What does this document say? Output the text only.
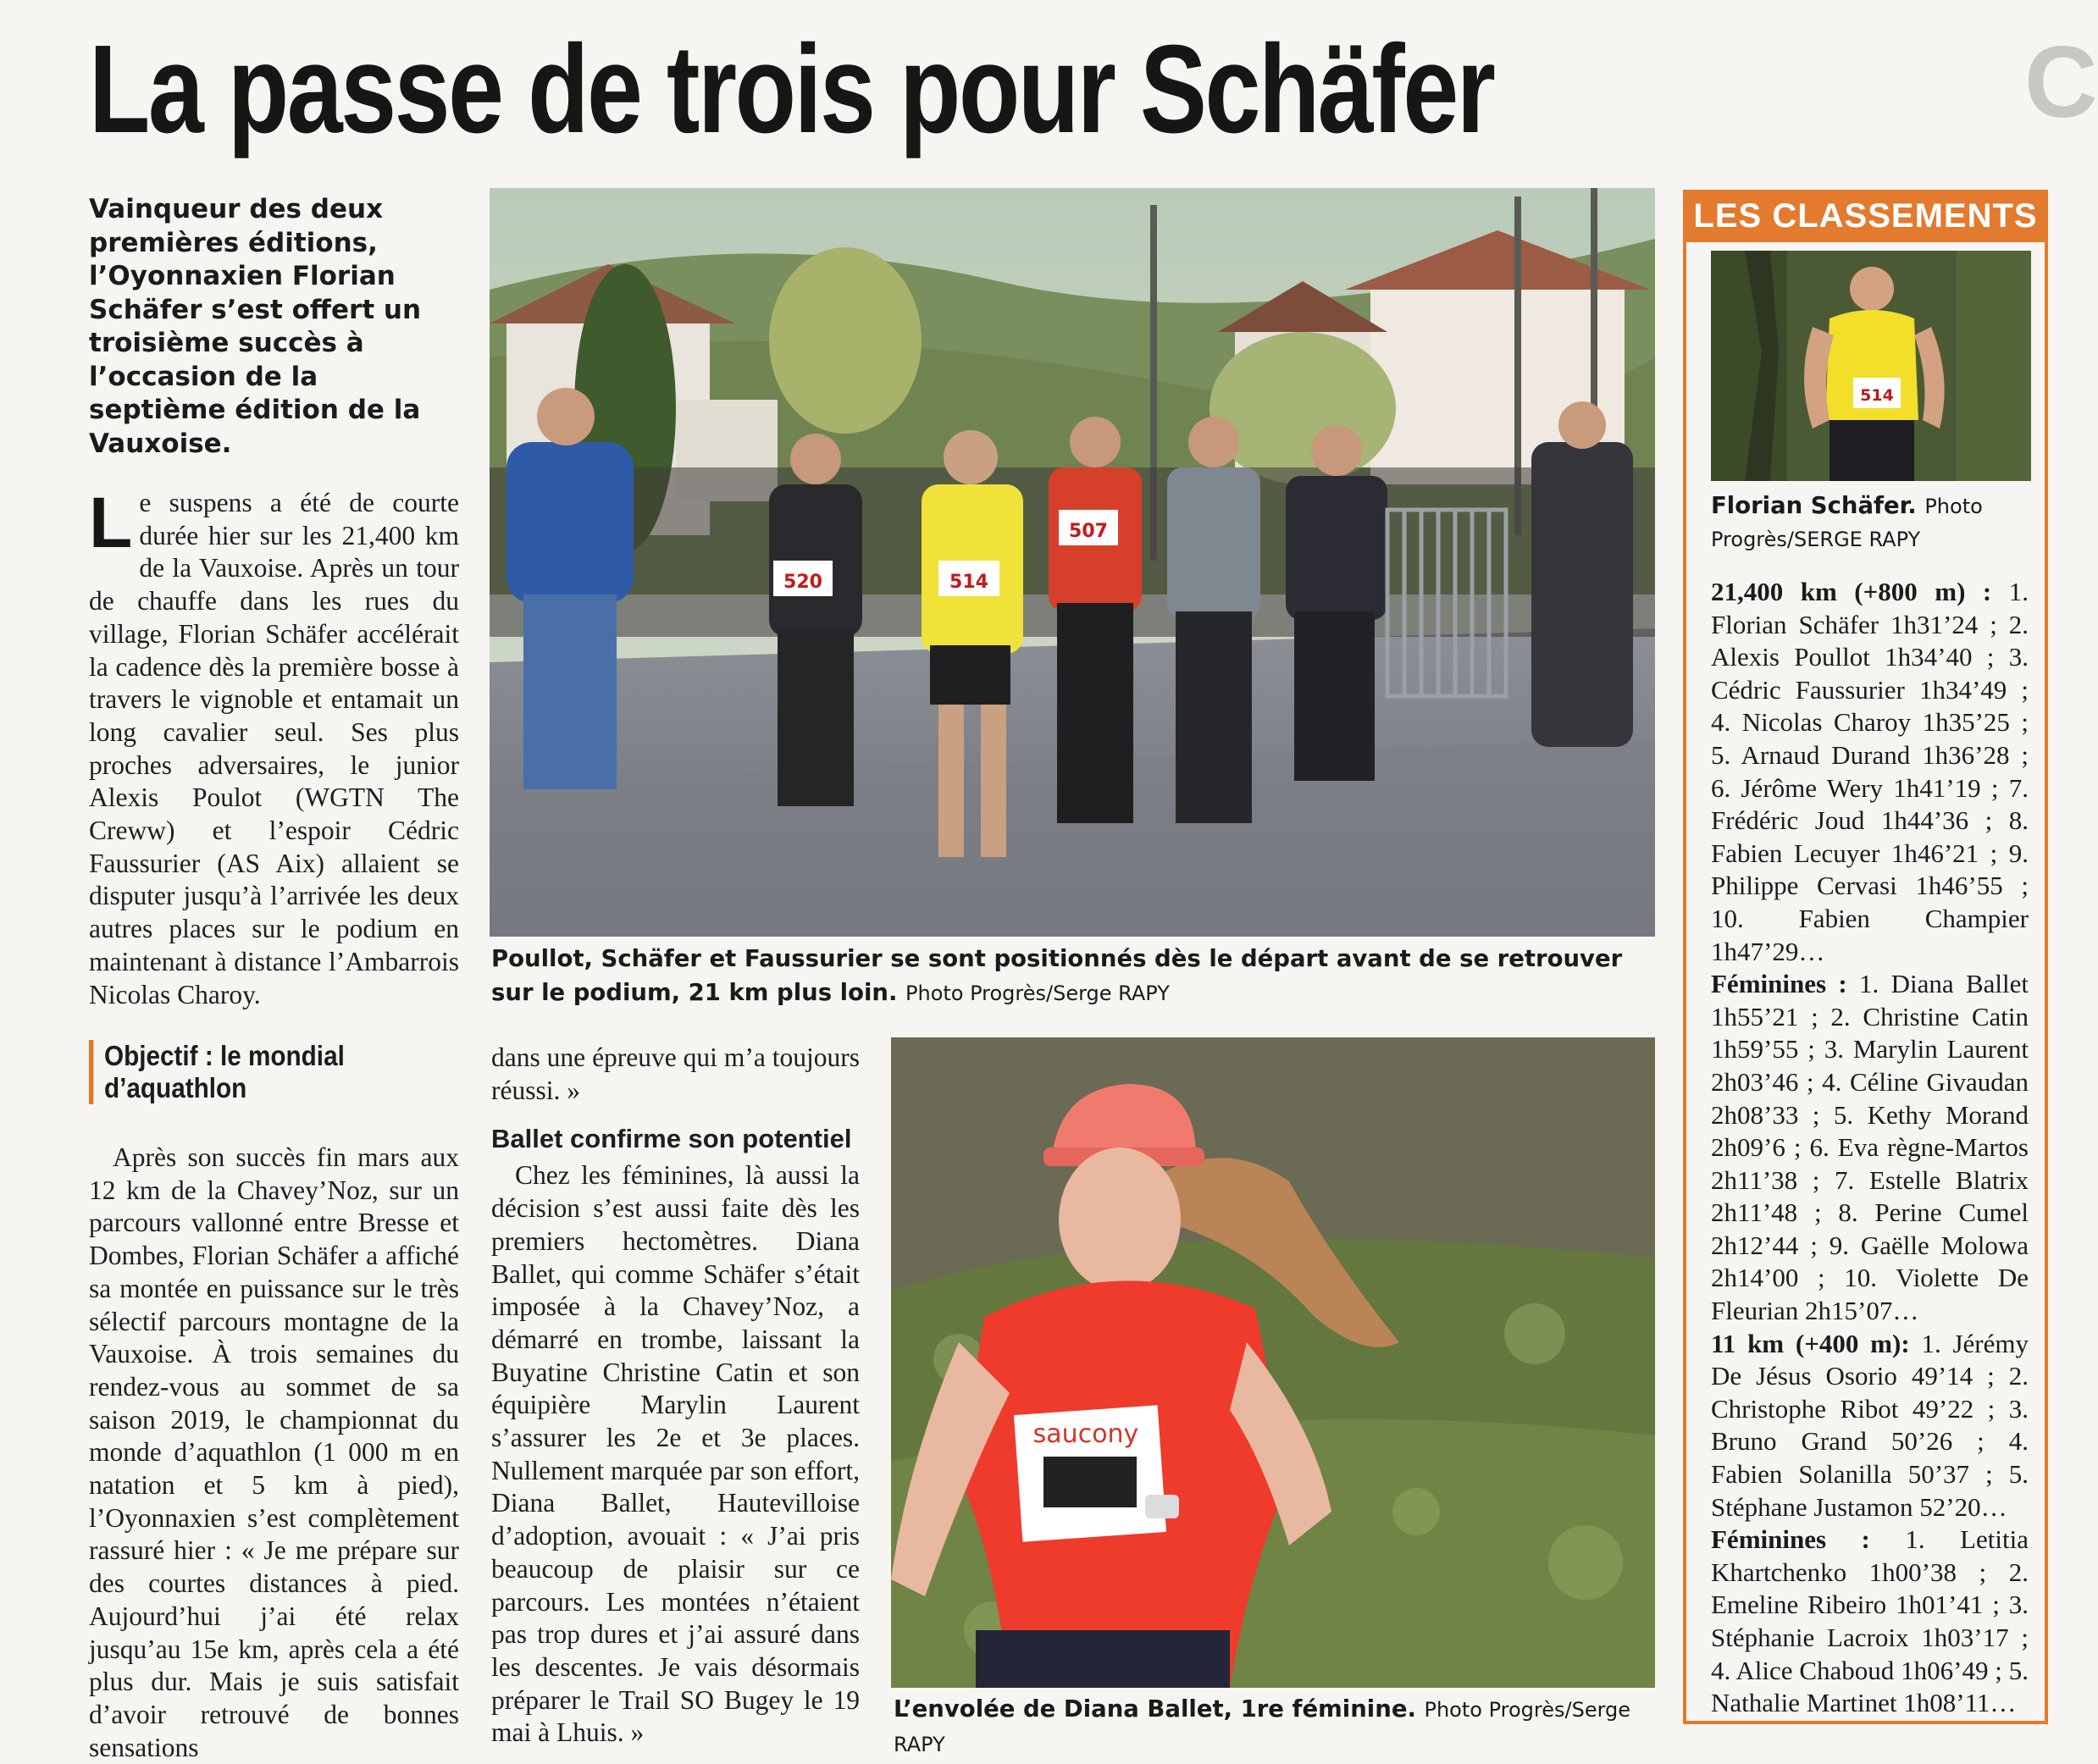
La passe de trois pour Schäfer	C
Vainqueur des deux premières éditions, l’Oyonnaxien Florian Schäfer s’est offert un troisième succès à l’occasion de la septième édition de la Vauxoise.

Le suspens a été de courte durée hier sur les 21,400 km de la Vauxoise. Après un tour de chauffe dans les rues du village, Florian Schäfer accélérait la cadence dès la première bosse à travers le vignoble et entamait un long cavalier seul. Ses plus proches adversaires, le junior Alexis Poulot (WGTN The Creww) et l’espoir Cédric Faussurier (AS Aix) allaient se disputer jusqu’à l’arrivée les deux autres places sur le podium en maintenant à distance l’Ambarrois Nicolas Charoy.

Objectif : le mondial d’aquathlon

Après son succès fin mars aux 12 km de la Chavey’Noz, sur un parcours vallonné entre Bresse et Dombes, Florian Schäfer a affiché sa montée en puissance sur le très sélectif parcours montagne de la Vauxoise. À trois semaines du rendez-vous au sommet de sa saison 2019, le championnat du monde d’aquathlon (1 000 m en natation et 5 km à pied), l’Oyonnaxien s’est complètement rassuré hier : « Je me prépare sur des courtes distances à pied. Aujourd’hui j’ai été relax jusqu’au 15e km, après cela a été plus dur. Mais je suis satisfait d’avoir retrouvé de bonnes sensations

dans une épreuve qui m’a toujours réussi. »

Ballet confirme son potentiel

Chez les féminines, là aussi la décision s’est aussi faite dès les premiers hectomètres. Diana Ballet, qui comme Schäfer s’était imposée à la Chavey’Noz, a démarré en trombe, laissant la Buyatine Christine Catin et son équipière Marylin Laurent s’assurer les 2e et 3e places. Nullement marquée par son effort, Diana Ballet, Hautevilloise d’adoption, avouait : « J’ai pris beaucoup de plaisir sur ce parcours. Les montées n’étaient pas trop dures et j’ai assuré dans les descentes. Je vais désormais préparer le Trail SO Bugey le 19 mai à Lhuis. »

520	514
507
Poullot, Schäfer et Faussurier se sont positionnés dès le départ avant de se retrouver sur le podium, 21 km plus loin. Photo Progrès/Serge RAPY
saucony
L’envolée de Diana Ballet, 1re féminine. Photo Progrès/Serge RAPY
LES CLASSEMENTS
514
Florian Schäfer. Photo Progrès/SERGE RAPY

21,400 km (+800 m) : 1. Florian Schäfer 1h31’24 ; 2. Alexis Poullot 1h34’40 ; 3. Cédric Faussurier 1h34’49 ; 4. Nicolas Charoy 1h35’25 ; 5. Arnaud Durand 1h36’28 ; 6. Jérôme Wery 1h41’19 ; 7. Frédéric Joud 1h44’36 ; 8. Fabien Lecuyer 1h46’21 ; 9. Philippe Cervasi 1h46’55 ; 10. Fabien Champier 1h47’29…

Féminines : 1. Diana Ballet 1h55’21 ; 2. Christine Catin 1h59’55 ; 3. Marylin Laurent 2h03’46 ; 4. Céline Givaudan 2h08’33 ; 5. Kethy Morand 2h09’6 ; 6. Eva règne-Martos 2h11’38 ; 7. Estelle Blatrix 2h11’48 ; 8. Perine Cumel 2h12’44 ; 9. Gaëlle Molowa 2h14’00 ; 10. Violette De Fleurian 2h15’07…

11 km (+400 m): 1. Jérémy De Jésus Osorio 49’14 ; 2. Christophe Ribot 49’22 ; 3. Bruno Grand 50’26 ; 4. Fabien Solanilla 50’37 ; 5. Stéphane Justamon 52’20…

Féminines : 1. Letitia Khartchenko 1h00’38 ; 2. Emeline Ribeiro 1h01’41 ; 3. Stéphanie Lacroix 1h03’17 ; 4. Alice Chaboud 1h06’49 ; 5. Nathalie Martinet 1h08’11…
